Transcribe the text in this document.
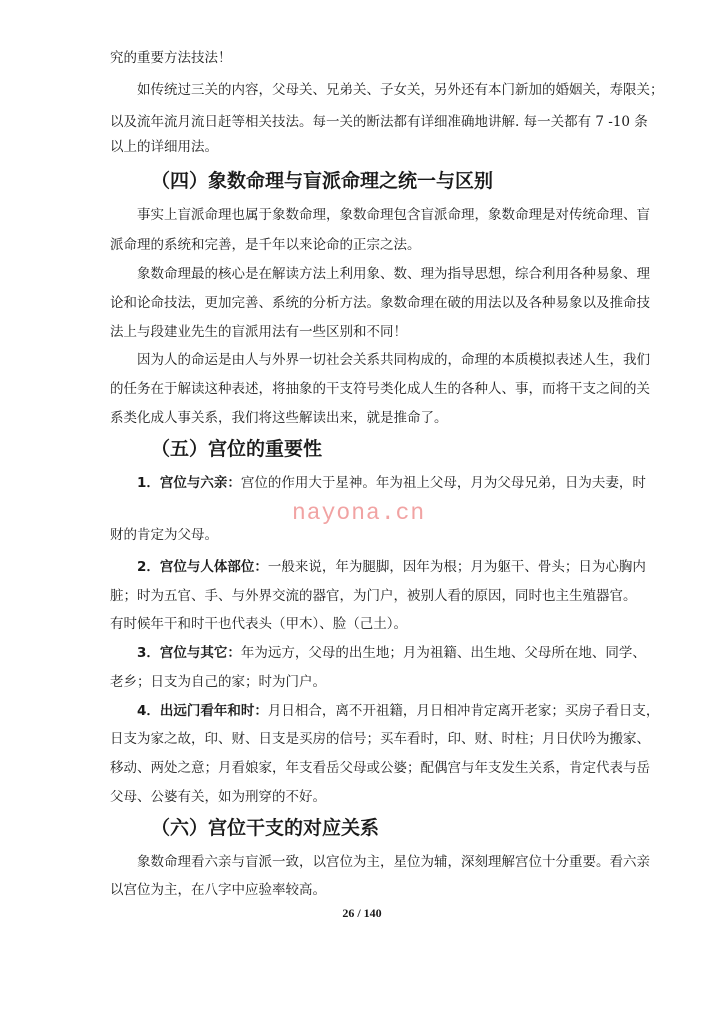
究的重要方法技法！
如传统过三关的内容，父母关、兄弟关、子女关，另外还有本门新加的婚姻关，寿限关；
以及流年流月流日赶等相关技法。每一关的断法都有详细准确地讲解. 每一关都有 7 -10 条
以上的详细用法。
（四）象数命理与盲派命理之统一与区别
事实上盲派命理也属于象数命理，象数命理包含盲派命理，象数命理是对传统命理、盲
派命理的系统和完善，是千年以来论命的正宗之法。
象数命理最的核心是在解读方法上利用象、数、理为指导思想，综合利用各种易象、理
论和论命技法，更加完善、系统的分析方法。象数命理在破的用法以及各种易象以及推命技
法上与段建业先生的盲派用法有一些区别和不同！
因为人的命运是由人与外界一切社会关系共同构成的，命理的本质模拟表述人生，我们
的任务在于解读这种表述，将抽象的干支符号类化成人生的各种人、事，而将干支之间的关
系类化成人事关系，我们将这些解读出来，就是推命了。
（五）宫位的重要性
1．宫位与六亲：宫位的作用大于星神。年为祖上父母，月为父母兄弟，日为夫妻，时
财的肯定为父母。
2．宫位与人体部位：一般来说，年为腿脚，因年为根；月为躯干、骨头；日为心胸内
脏；时为五官、手、与外界交流的器官，为门户，被别人看的原因，同时也主生殖器官。
有时候年干和时干也代表头（甲木）、脸（己土）。
3．宫位与其它：年为远方，父母的出生地；月为祖籍、出生地、父母所在地、同学、
老乡；日支为自己的家；时为门户。
4．出远门看年和时：月日相合，离不开祖籍，月日相冲肯定离开老家；买房子看日支，
日支为家之故，印、财、日支是买房的信号；买车看时，印、财、时柱；月日伏吟为搬家、
移动、两处之意；月看娘家，年支看岳父母或公婆；配偶宫与年支发生关系，肯定代表与岳
父母、公婆有关，如为刑穿的不好。
（六）宫位干支的对应关系
象数命理看六亲与盲派一致，以宫位为主，星位为辅，深刻理解宫位十分重要。看六亲
以宫位为主，在八字中应验率较高。
nayona.cn
26 / 140
